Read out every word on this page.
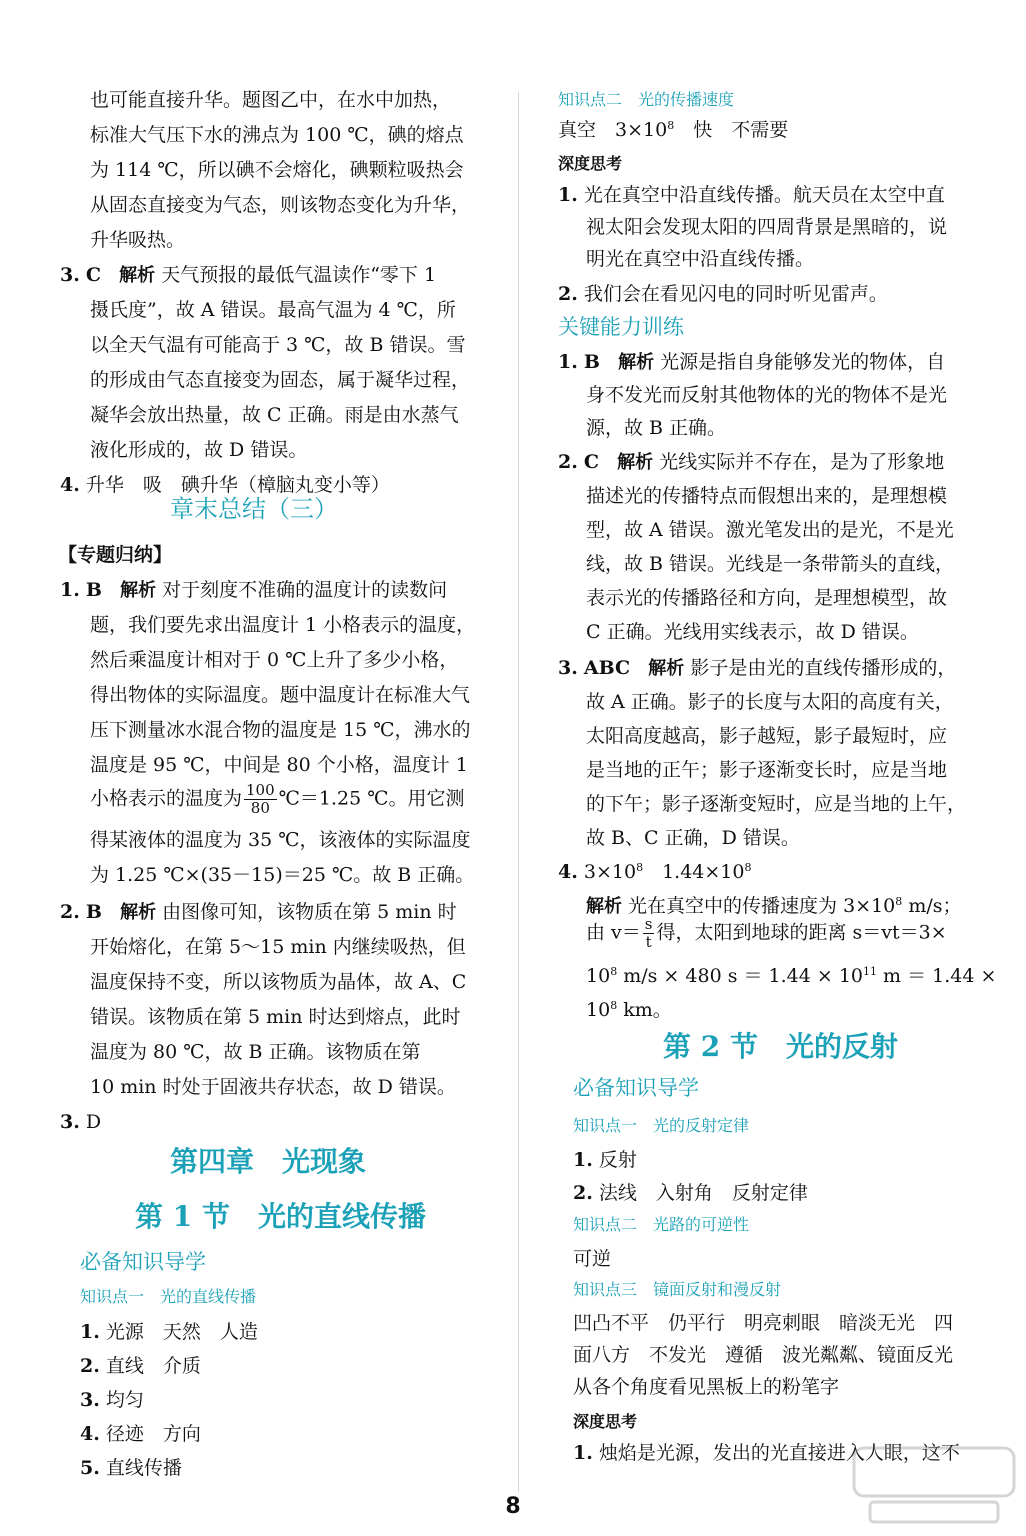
也可能直接升华。题图乙中，在水中加热，
标准大气压下水的沸点为 100 ℃，碘的熔点
为 114 ℃，所以碘不会熔化，碘颗粒吸热会
从固态直接变为气态，则该物态变化为升华，
升华吸热。
3. C 解析 天气预报的最低气温读作“零下 1
摄氏度”，故 A 错误。最高气温为 4 ℃，所
以全天气温有可能高于 3 ℃，故 B 错误。雪
的形成由气态直接变为固态，属于凝华过程，
凝华会放出热量，故 C 正确。雨是由水蒸气
液化形成的，故 D 错误。
4. 升华　吸　碘升华（樟脑丸变小等）
章末总结（三）
【专题归纳】
1. B 解析 对于刻度不准确的温度计的读数问
题，我们要先求出温度计 1 小格表示的温度，
然后乘温度计相对于 0 ℃上升了多少小格，
得出物体的实际温度。题中温度计在标准大气
压下测量冰水混合物的温度是 15 ℃，沸水的
温度是 95 ℃，中间是 80 个小格，温度计 1
小格表示的温度为 $\frac{100}{80}$ ℃＝1.25 ℃。用它测
得某液体的温度为 35 ℃，该液体的实际温度
为 1.25 ℃×(35－15)＝25 ℃。故 B 正确。
2. B 解析 由图像可知，该物质在第 5 min 时
开始熔化，在第 5～15 min 内继续吸热，但
温度保持不变，所以该物质为晶体，故 A、C
错误。该物质在第 5 min 时达到熔点，此时
温度为 80 ℃，故 B 正确。该物质在第
10 min 时处于固液共存状态，故 D 错误。
3. D
第四章　光现象
第 1 节　光的直线传播
必备知识导学
知识点一　光的直线传播
1. 光源　天然　人造
2. 直线　介质
3. 均匀
4. 径迹　方向
5. 直线传播
知识点二　光的传播速度
真空　$3\times 10^8$　快　不需要
深度思考
1. 光在真空中沿直线传播。航天员在太空中直
视太阳会发现太阳的四周背景是黑暗的，说
明光在真空中沿直线传播。
2. 我们会在看见闪电的同时听见雷声。
关键能力训练
1. B 解析 光源是指自身能够发光的物体，自
身不发光而反射其他物体的光的物体不是光
源，故 B 正确。
2. C 解析 光线实际并不存在，是为了形象地
描述光的传播特点而假想出来的，是理想模
型，故 A 错误。激光笔发出的是光，不是光
线，故 B 错误。光线是一条带箭头的直线，
表示光的传播路径和方向，是理想模型，故
C 正确。光线用实线表示，故 D 错误。
3. ABC 解析 影子是由光的直线传播形成的，
故 A 正确。影子的长度与太阳的高度有关，
太阳高度越高，影子越短，影子最短时，应
是当地的正午；影子逐渐变长时，应是当地
的下午；影子逐渐变短时，应是当地的上午，
故 B、C 正确，D 错误。
4. $3\times 10^8$　$1.44\times 10^8$
解析 光在真空中的传播速度为 $3\times 10^8$ m/s；
由 $v= \frac{s}{t}$ 得，太阳到地球的距离 s＝vt＝3×
$10^8$ m/s × 480 $s = 1.44 \times 10^{11}$ m ＝ 1.44 ×
$10^8$ km。
第 2 节　光的反射
必备知识导学
知识点一　光的反射定律
1. 反射
2. 法线　入射角　反射定律
知识点二　光路的可逆性
可逆
知识点三　镜面反射和漫反射
凹凸不平　仍平行　明亮刺眼　暗淡无光　四
面八方　不发光　遵循　波光粼粼、镜面反光
从各个角度看见黑板上的粉笔字
深度思考
1. 烛焰是光源，发出的光直接进入人眼，这不
8
